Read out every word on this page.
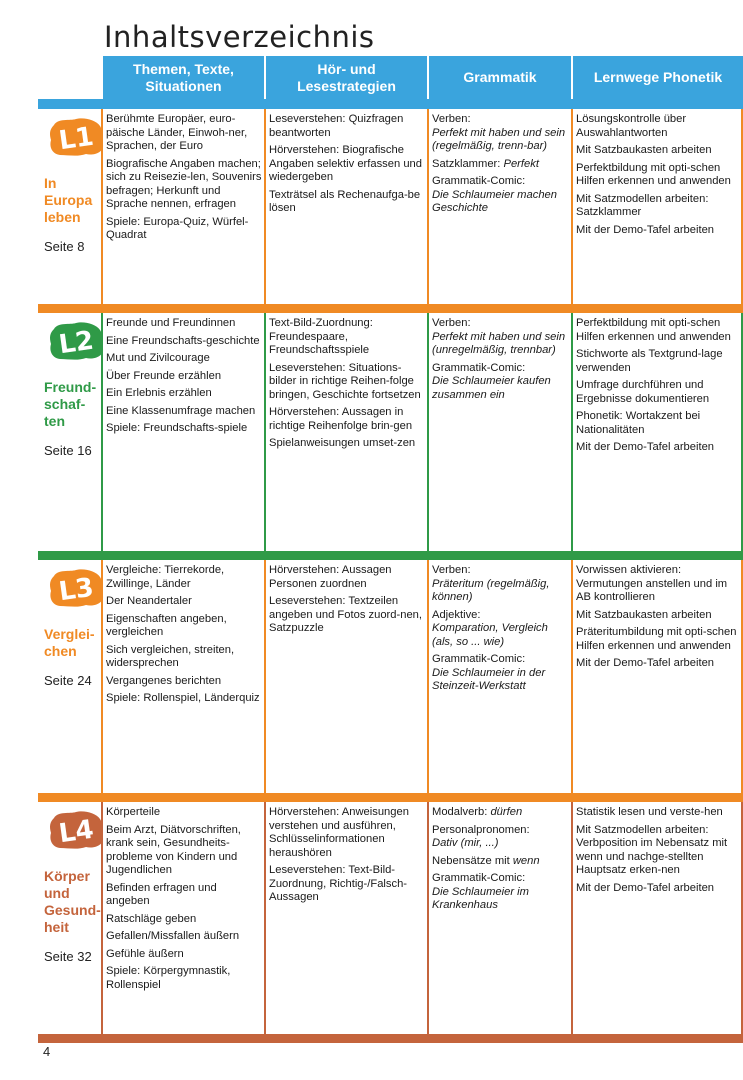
Inhaltsverzeichnis
Themen, Texte, Situationen
Hör- und Lesestrategien
Grammatik	Lernwege Phonetik
L1
In
Europa
leben
Seite 8
Berühmte Europäer, euro-päische Länder, Einwoh-ner, Sprachen, der Euro
Biografische Angaben machen; sich zu Reiseziе-len, Souvenirs befragen; Herkunft und Sprache nennen, erfragen
Spiele: Europa-Quiz, Würfel-Quadrat
Leseverstehen: Quizfragen beantworten
Hörverstehen: Biografische Angaben selektiv erfassen und wiedergeben
Texträtsel als Rechenaufga-be lösen
Verben:
Perfekt mit haben und sein (regelmäßig, trenn-bar)
Satzklammer: Perfekt
Grammatik-Comic:
Die Schlaumeier machen Geschichte
Lösungskontrolle über Auswahlantworten
Mit Satzbaukasten arbeiten
Perfektbildung mit opti-schen Hilfen erkennen und anwenden
Mit Satzmodellen arbeiten: Satzklammer
Mit der Demo-Tafel arbeiten
L2
Freund-
schaf-
ten
Seite 16
Freunde und Freundinnen
Eine Freundschafts-geschichte
Mut und Zivilcourage
Über Freunde erzählen
Ein Erlebnis erzählen
Eine Klassenumfrage machen
Spiele: Freundschafts-spiele
Text-Bild-Zuordnung: Freundespaare, Freundschaftsspiele
Leseverstehen: Situations-bilder in richtige Reihen-folge bringen, Geschichte fortsetzen
Hörverstehen: Aussagen in richtige Reihenfolge brin-gen
Spielanweisungen umset-zen
Verben:
Perfekt mit haben und sein (unregelmäßig, trennbar)
Grammatik-Comic:
Die Schlaumeier kaufen zusammen ein
Perfektbildung mit opti-schen Hilfen erkennen und anwenden
Stichworte als Textgrund-lage verwenden
Umfrage durchführen und Ergebnisse dokumentieren
Phonetik: Wortakzent bei Nationalitäten
Mit der Demo-Tafel arbeiten
L3
Verglei-
chen
Seite 24
Vergleiche: Tierrekorde, Zwillinge, Länder
Der Neandertaler
Eigenschaften angeben, vergleichen
Sich vergleichen, streiten, widersprechen
Vergangenes berichten
Spiele: Rollenspiel, Länderquiz
Hörverstehen: Aussagen Personen zuordnen
Leseverstehen: Textzeilen angeben und Fotos zuord-nen, Satzpuzzle
Verben:
Präteritum (regelmäßig, können)
Adjektive:
Komparation, Vergleich (als, so ... wie)
Grammatik-Comic:
Die Schlaumeier in der Steinzeit-Werkstatt
Vorwissen aktivieren: Vermutungen anstellen und im AB kontrollieren
Mit Satzbaukasten arbeiten
Präteritumbildung mit opti-schen Hilfen erkennen und anwenden
Mit der Demo-Tafel arbeiten
L4
Körper
und
Gesund-
heit
Seite 32
Körperteile
Beim Arzt, Diätvorschriften, krank sein, Gesundheits-probleme von Kindern und Jugendlichen
Befinden erfragen und angeben
Ratschläge geben
Gefallen/Missfallen äußern
Gefühle äußern
Spiele: Körpergymnastik, Rollenspiel
Hörverstehen: Anweisungen verstehen und ausführen, Schlüsselinformationen heraushören
Leseverstehen: Text-Bild-Zuordnung, Richtig-/Falsch-Aussagen
Modalverb: dürfen
Personalpronomen:
Dativ (mir, ...)
Nebensätze mit wenn
Grammatik-Comic:
Die Schlaumeier im Krankenhaus
Statistik lesen und verste-hen
Mit Satzmodellen arbeiten: Verbposition im Nebensatz mit wenn und nachge-stellten Hauptsatz erken-nen
Mit der Demo-Tafel arbeiten
4
